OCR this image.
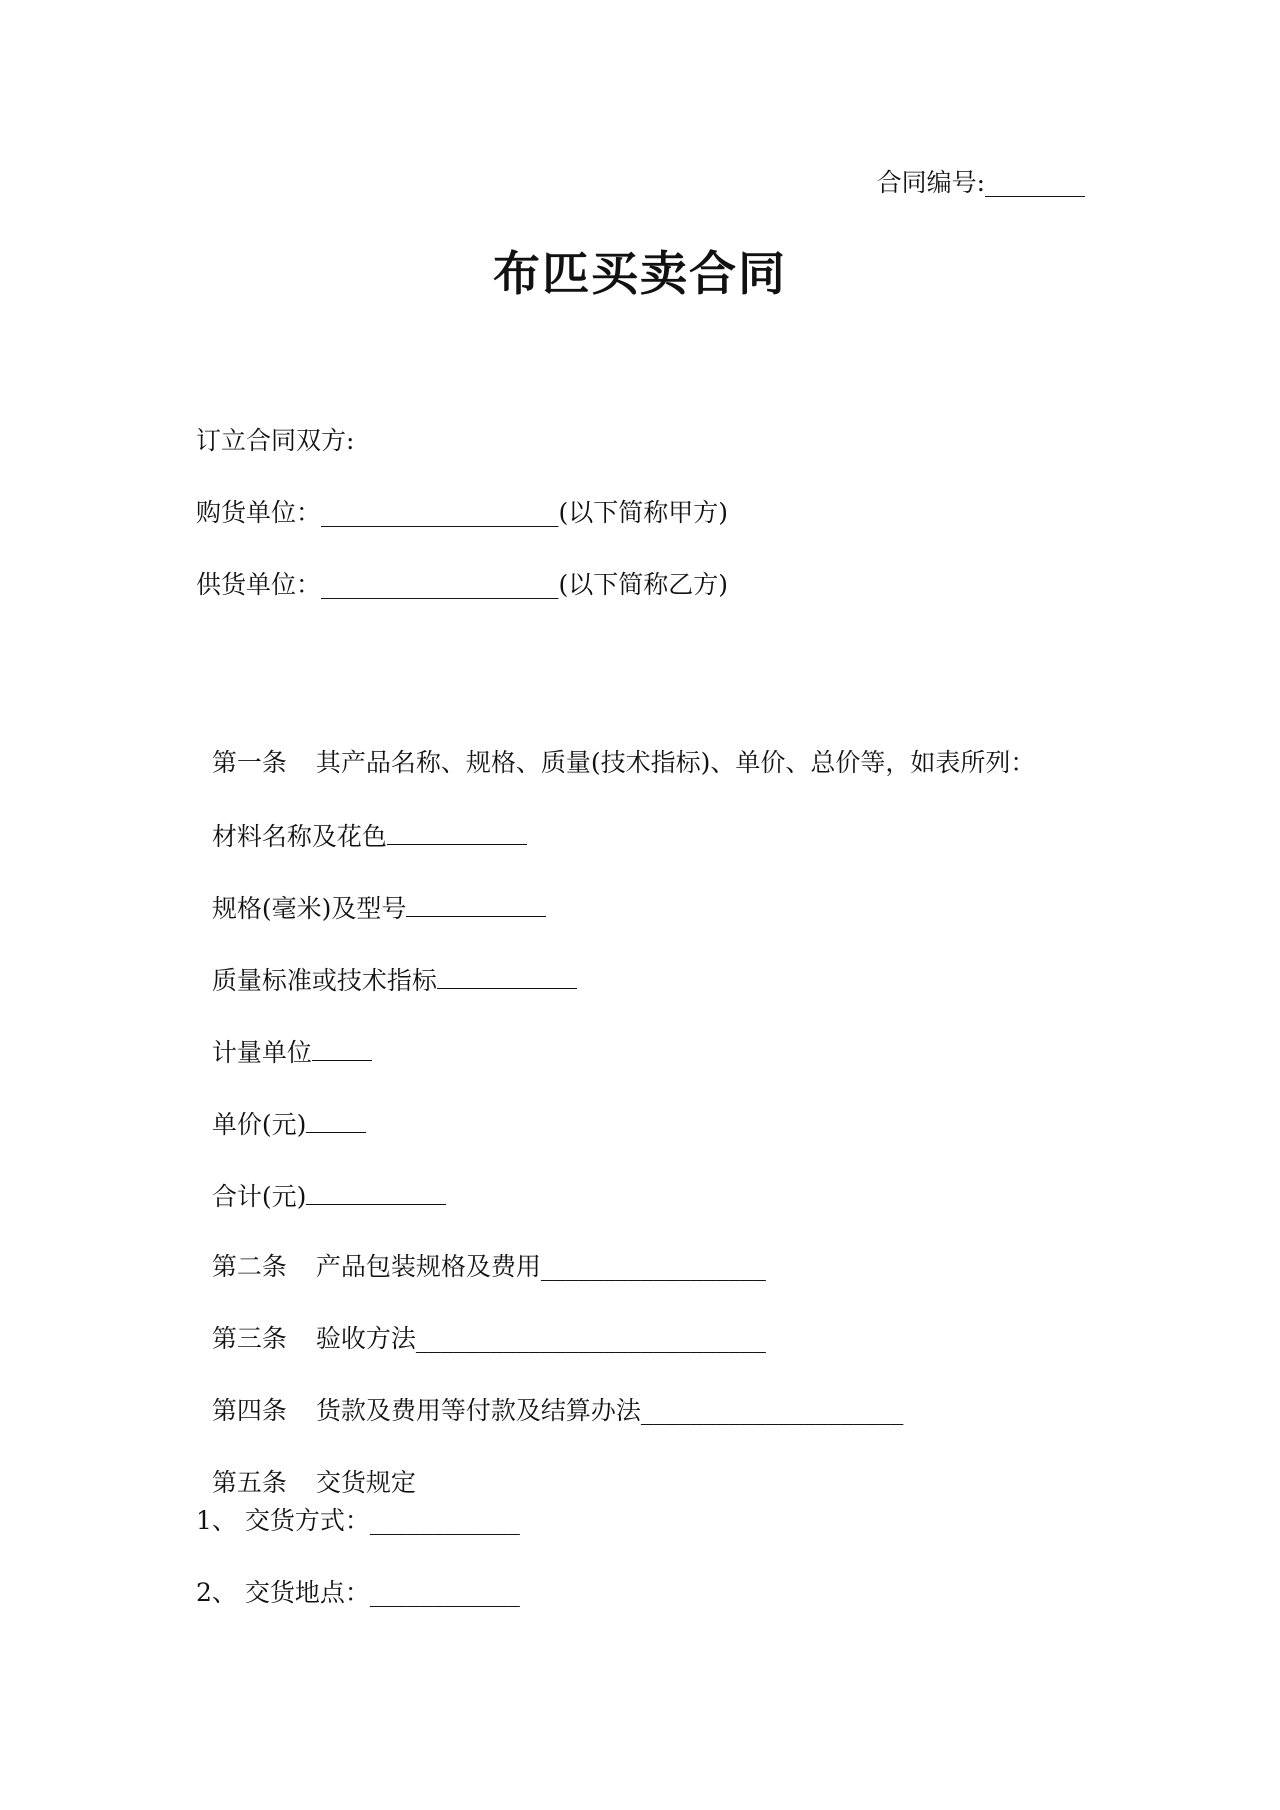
合同编号:________
布匹买卖合同
订立合同双方:
购货单位：___________________(以下简称甲方)
供货单位：___________________(以下简称乙方)

第一条 其产品名称、规格、质量(技术指标)、单价、总价等，如表所列：

材料名称及花色

规格(毫米)及型号

质量标准或技术指标

计量单位

单价(元)

合计(元)

第二条 产品包装规格及费用__________________

第三条 验收方法____________________________

第四条 货款及费用等付款及结算办法_____________________

第五条 交货规定

1、 交货方式：____________
2、 交货地点：____________
